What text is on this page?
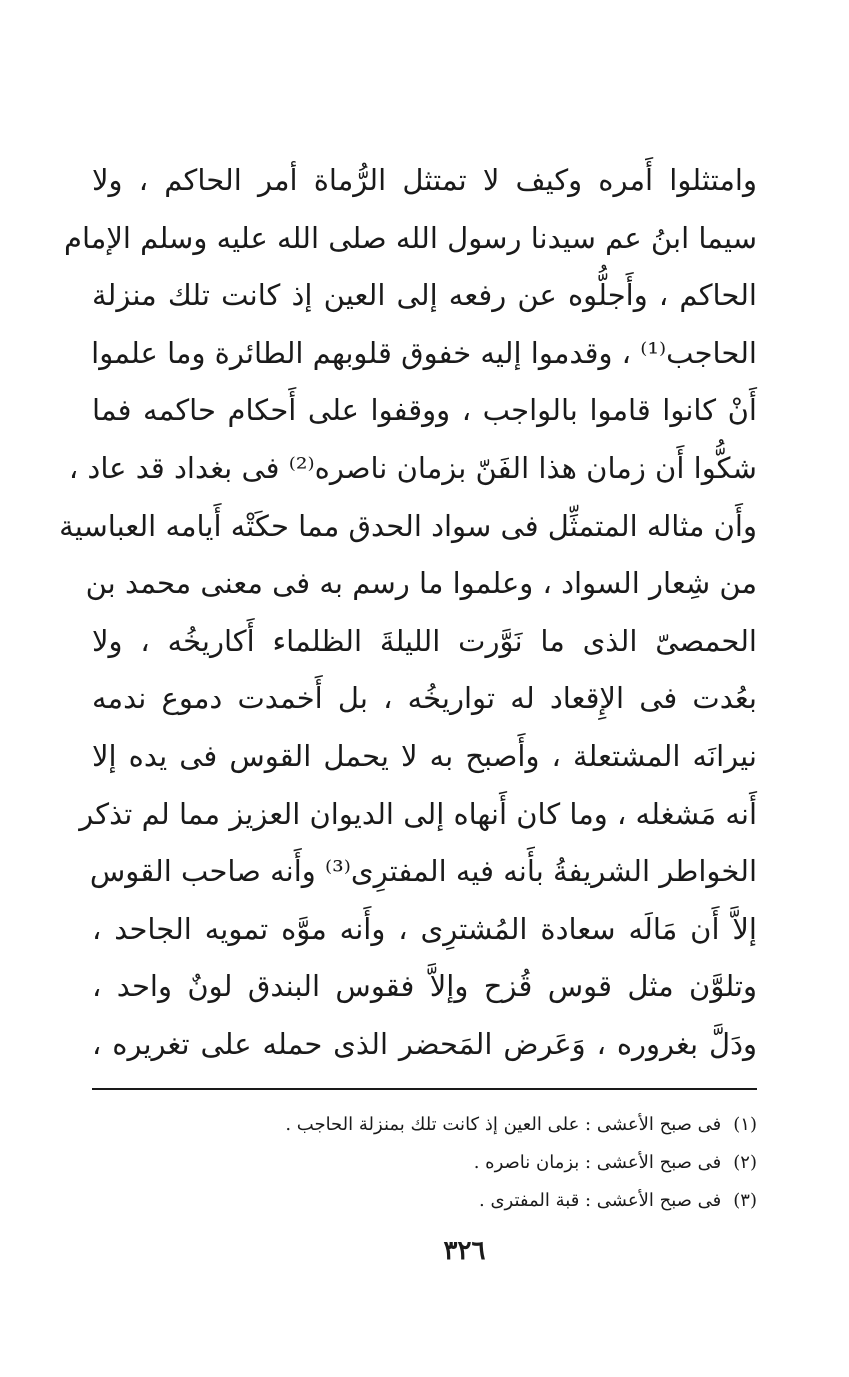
وامتثلوا أَمره وكيف لا تمتثل الرُّماة أمر الحاكم ، ولا
سيما ابنُ عم سيدنا رسول الله صلى الله عليه وسلم الإمام
الحاكم ، وأَجلُّوه عن رفعه إلى العين إذ كانت تلك منزلة
الحاجب⁽¹⁾ ، وقدموا إليه خفوق قلوبهم الطائرة وما علموا
أَنْ كانوا قاموا بالواجب ، ووقفوا على أَحكام حاكمه فما
شكُّوا أَن زمان هذا الفَنّ بزمان ناصره⁽²⁾ فى بغداد قد عاد ،
وأَن مثاله المتمثِّل فى سواد الحدق مما حكَتْه أَيامه العباسية
من شِعار السواد ، وعلموا ما رسم به فى معنى محمد بن
الحمصىّ الذى ما نَوَّرت الليلةَ الظلماء أَكاريخُه ، ولا
بعُدت فى الإِقعاد له تواريخُه ، بل أَخمدت دموع ندمه
نيرانَه المشتعلة ، وأَصبح به لا يحمل القوس فى يده إلا
أَنه مَشغله ، وما كان أَنهاه إلى الديوان العزيز مما لم تذكر
الخواطر الشريفةُ بأَنه فيه المفترِى⁽³⁾ وأَنه صاحب القوس
إلاَّ أَن مَالَه سعادة المُشترِى ، وأَنه موَّه تمويه الجاحد ،
وتلوَّن مثل قوس قُزح وإلاَّ فقوس البندق لونٌ واحد ،
ودَلَّ بغروره ، وَعَرض المَحضر الذى حمله على تغريره ،
(١)فى صبح الأعشى : على العين إذ كانت تلك بمنزلة الحاجب .
(٢)فى صبح الأعشى : بزمان ناصره .
(٣)فى صبح الأعشى : قبة المفترى .
٣٢٦
